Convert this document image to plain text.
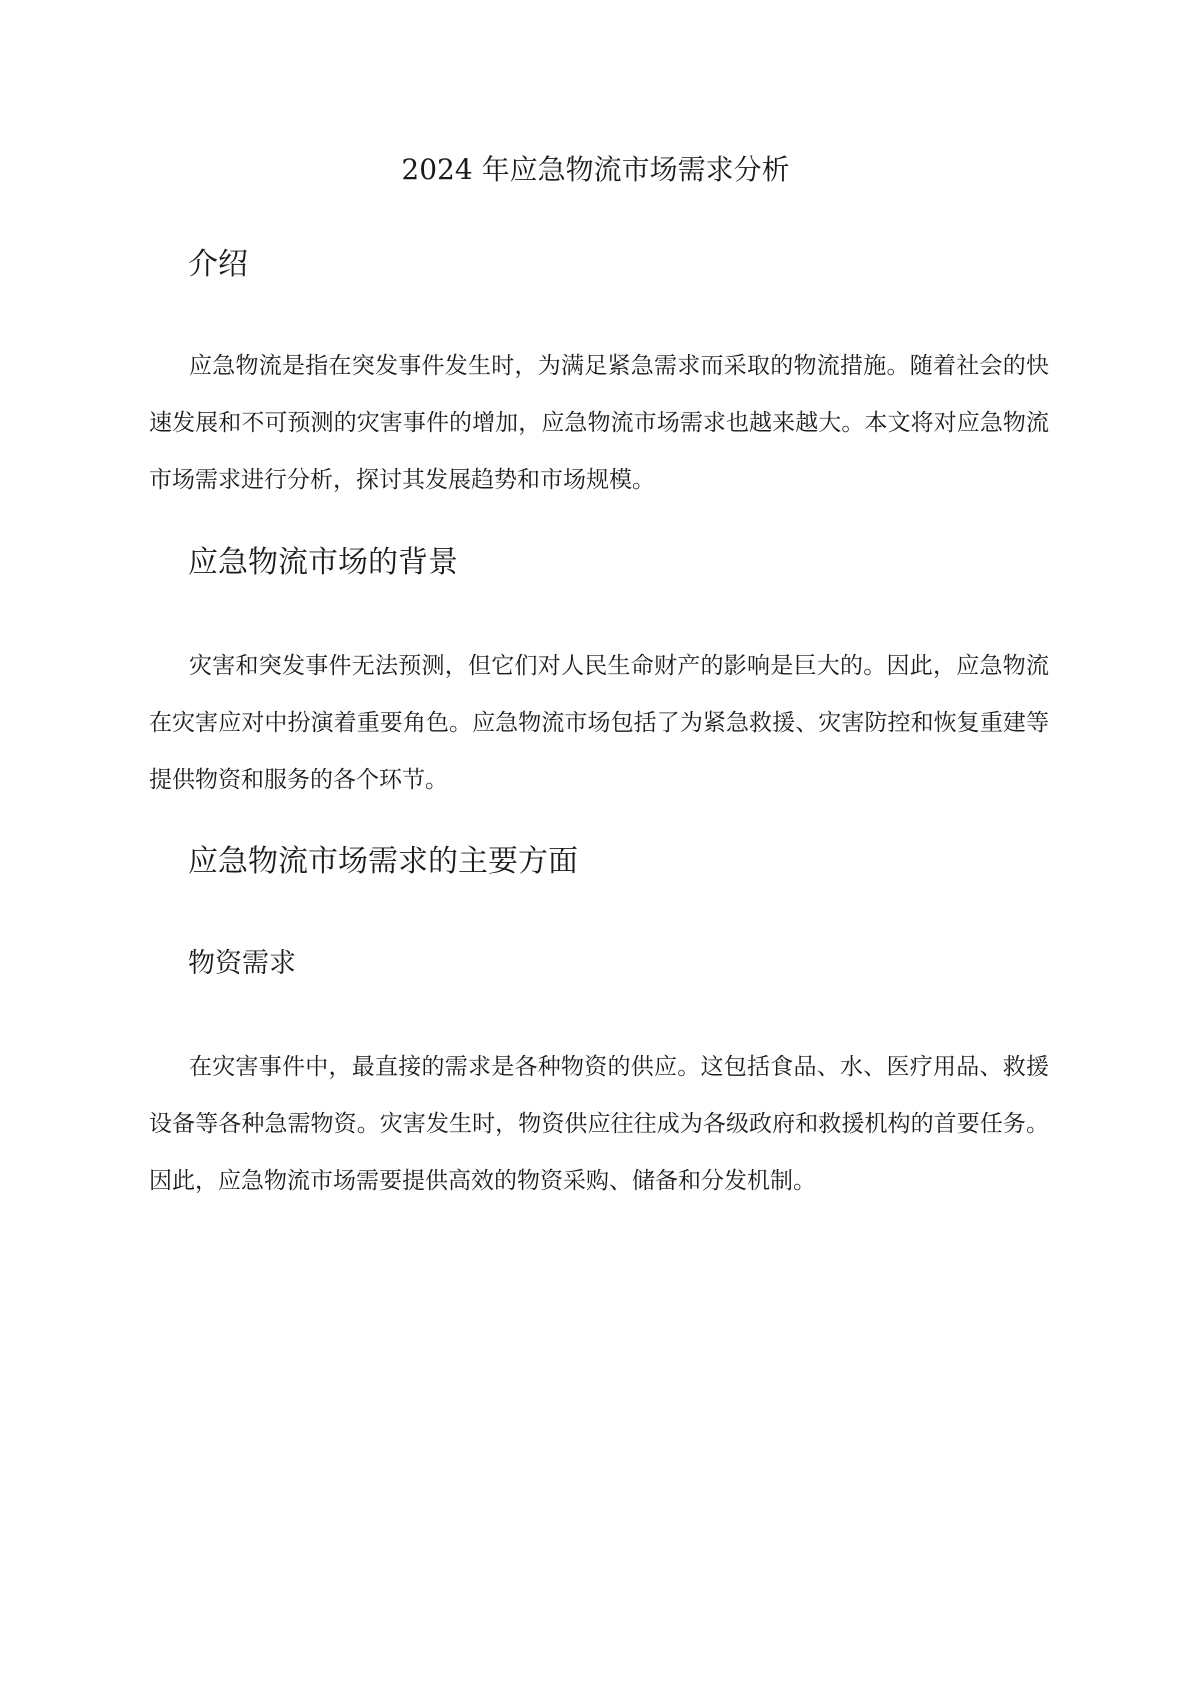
2024 年应急物流市场需求分析
介绍

应急物流是指在突发事件发生时，为满足紧急需求而采取的物流措施。随着社会的快速发展和不可预测的灾害事件的增加，应急物流市场需求也越来越大。本文将对应急物流市场需求进行分析，探讨其发展趋势和市场规模。

应急物流市场的背景

灾害和突发事件无法预测，但它们对人民生命财产的影响是巨大的。因此，应急物流在灾害应对中扮演着重要角色。应急物流市场包括了为紧急救援、灾害防控和恢复重建等提供物资和服务的各个环节。

应急物流市场需求的主要方面
物资需求

在灾害事件中，最直接的需求是各种物资的供应。这包括食品、水、医疗用品、救援设备等各种急需物资。灾害发生时，物资供应往往成为各级政府和救援机构的首要任务。因此，应急物流市场需要提供高效的物资采购、储备和分发机制。
